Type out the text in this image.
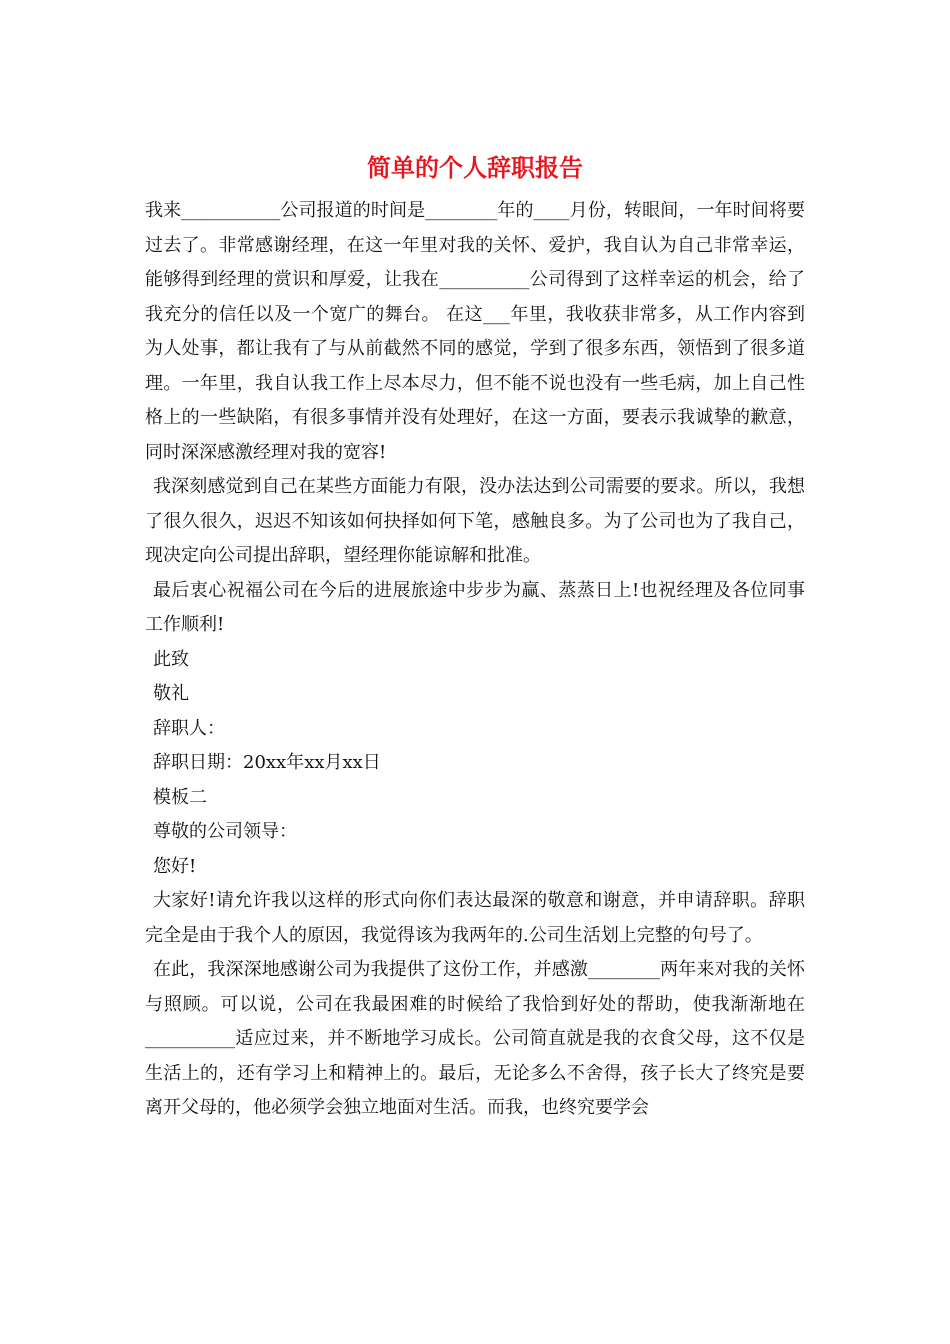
简单的个人辞职报告

我来___________公司报道的时间是________年的____月份，转眼间，一年时间将要过去了。非常感谢经理，在这一年里对我的关怀、爱护，我自认为自己非常幸运，能够得到经理的赏识和厚爱，让我在__________公司得到了这样幸运的机会，给了我充分的信任以及一个宽广的舞台。 在这___年里，我收获非常多，从工作内容到为人处事，都让我有了与从前截然不同的感觉，学到了很多东西，领悟到了很多道理。一年里，我自认我工作上尽本尽力，但不能不说也没有一些毛病，加上自己性格上的一些缺陷，有很多事情并没有处理好，在这一方面，要表示我诚挚的歉意，同时深深感激经理对我的宽容!

我深刻感觉到自己在某些方面能力有限，没办法达到公司需要的要求。所以，我想了很久很久，迟迟不知该如何抉择如何下笔，感触良多。为了公司也为了我自己，现决定向公司提出辞职，望经理你能谅解和批准。

最后衷心祝福公司在今后的进展旅途中步步为赢、蒸蒸日上!也祝经理及各位同事工作顺利!

此致

敬礼

辞职人：

辞职日期：20xx年xx月xx日

模板二

尊敬的公司领导：

您好!

大家好!请允许我以这样的形式向你们表达最深的敬意和谢意，并申请辞职。辞职完全是由于我个人的原因，我觉得该为我两年的.公司生活划上完整的句号了。

在此，我深深地感谢公司为我提供了这份工作，并感激________两年来对我的关怀与照顾。可以说，公司在我最困难的时候给了我恰到好处的帮助，使我渐渐地在__________适应过来，并不断地学习成长。公司简直就是我的衣食父母，这不仅是生活上的，还有学习上和精神上的。最后，无论多么不舍得，孩子长大了终究是要离开父母的，他必须学会独立地面对生活。而我，也终究要学会
